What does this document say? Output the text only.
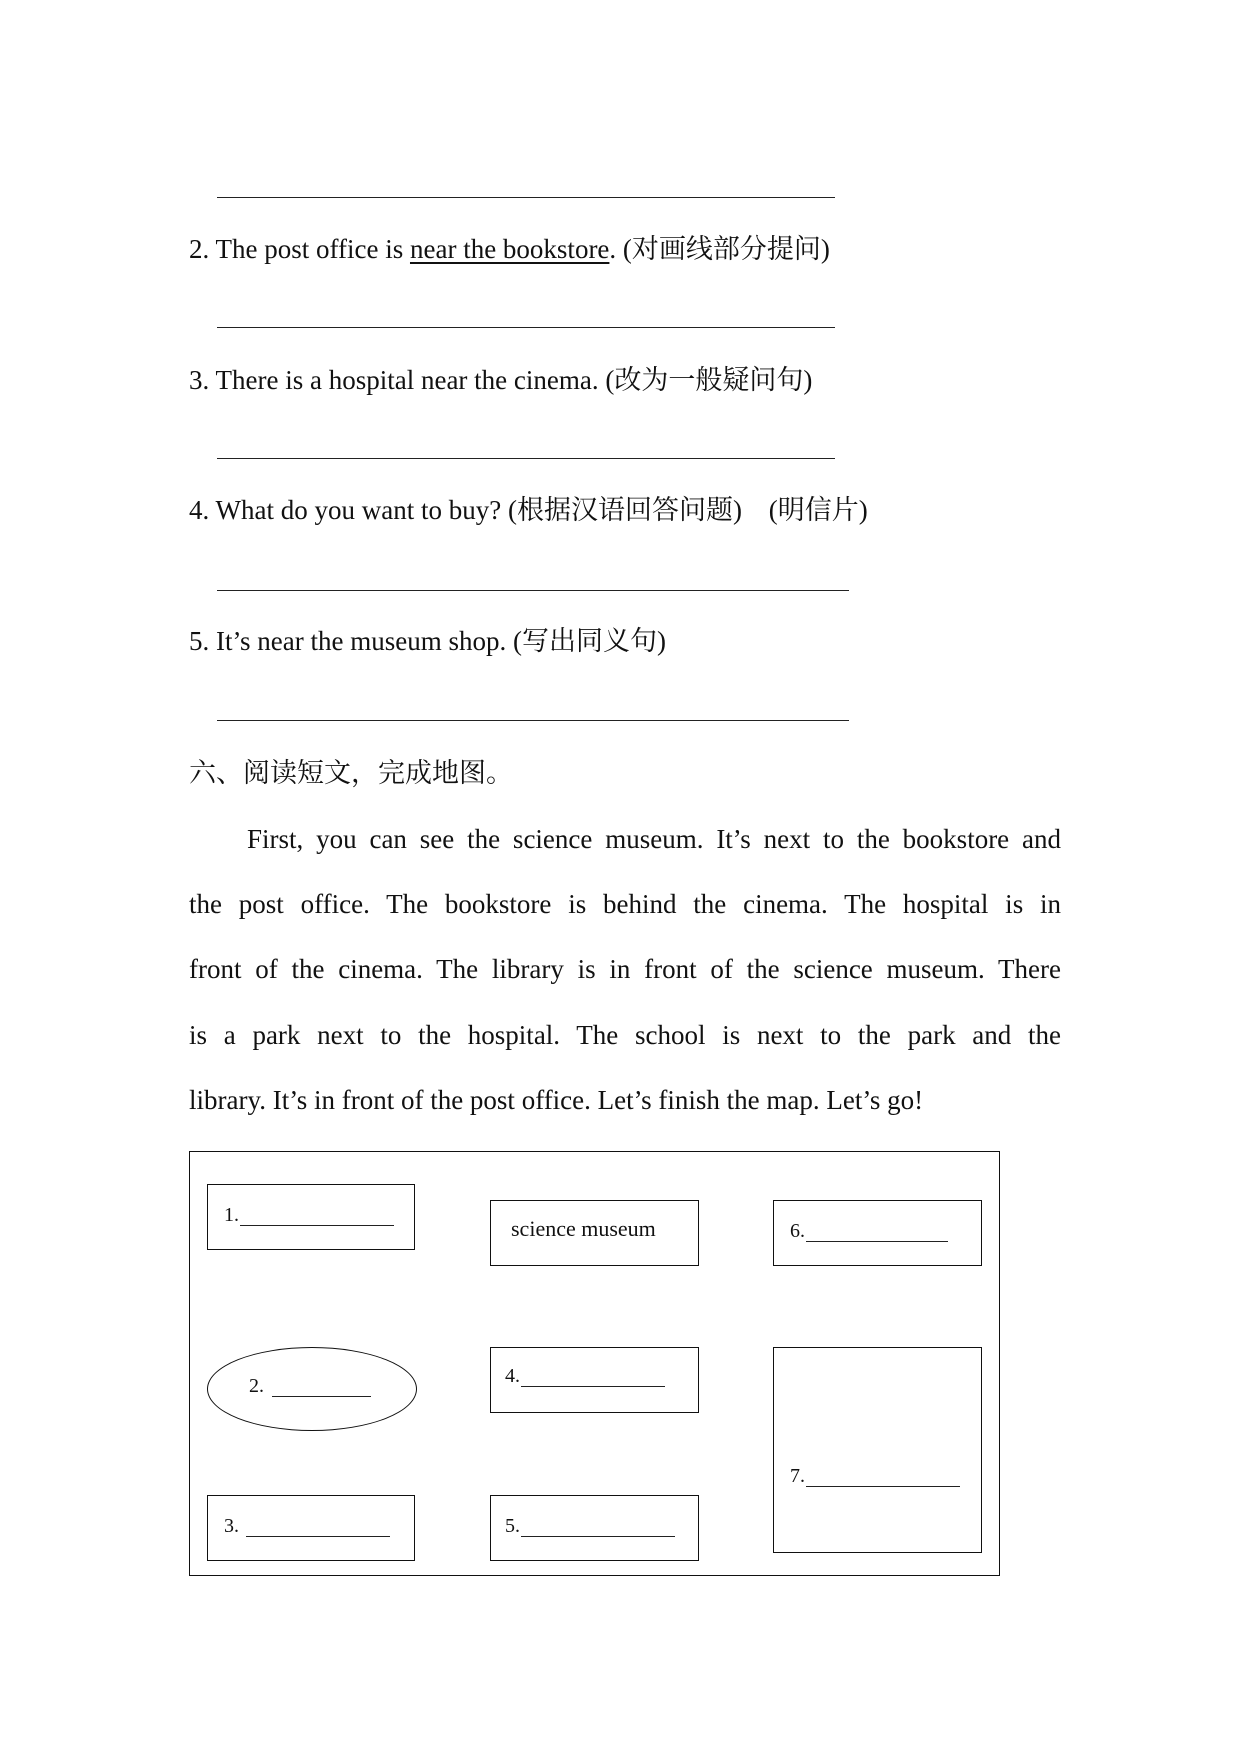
2. The post office is near the bookstore. (对画线部分提问)
3. There is a hospital near the cinema. (改为一般疑问句)
4. What do you want to buy? (根据汉语回答问题) (明信片)
5. It’s near the museum shop. (写出同义句)
六、阅读短文，完成地图。
First, you can see the science museum. It’s next to the bookstore and
the post office. The bookstore is behind the cinema. The hospital is in
front of the cinema. The library is in front of the science museum. There
is a park next to the hospital. The school is next to the park and the
library. It’s in front of the post office. Let’s finish the map. Let’s go!
1.
science museum	6.
2.	4.
7.
3.	5.
